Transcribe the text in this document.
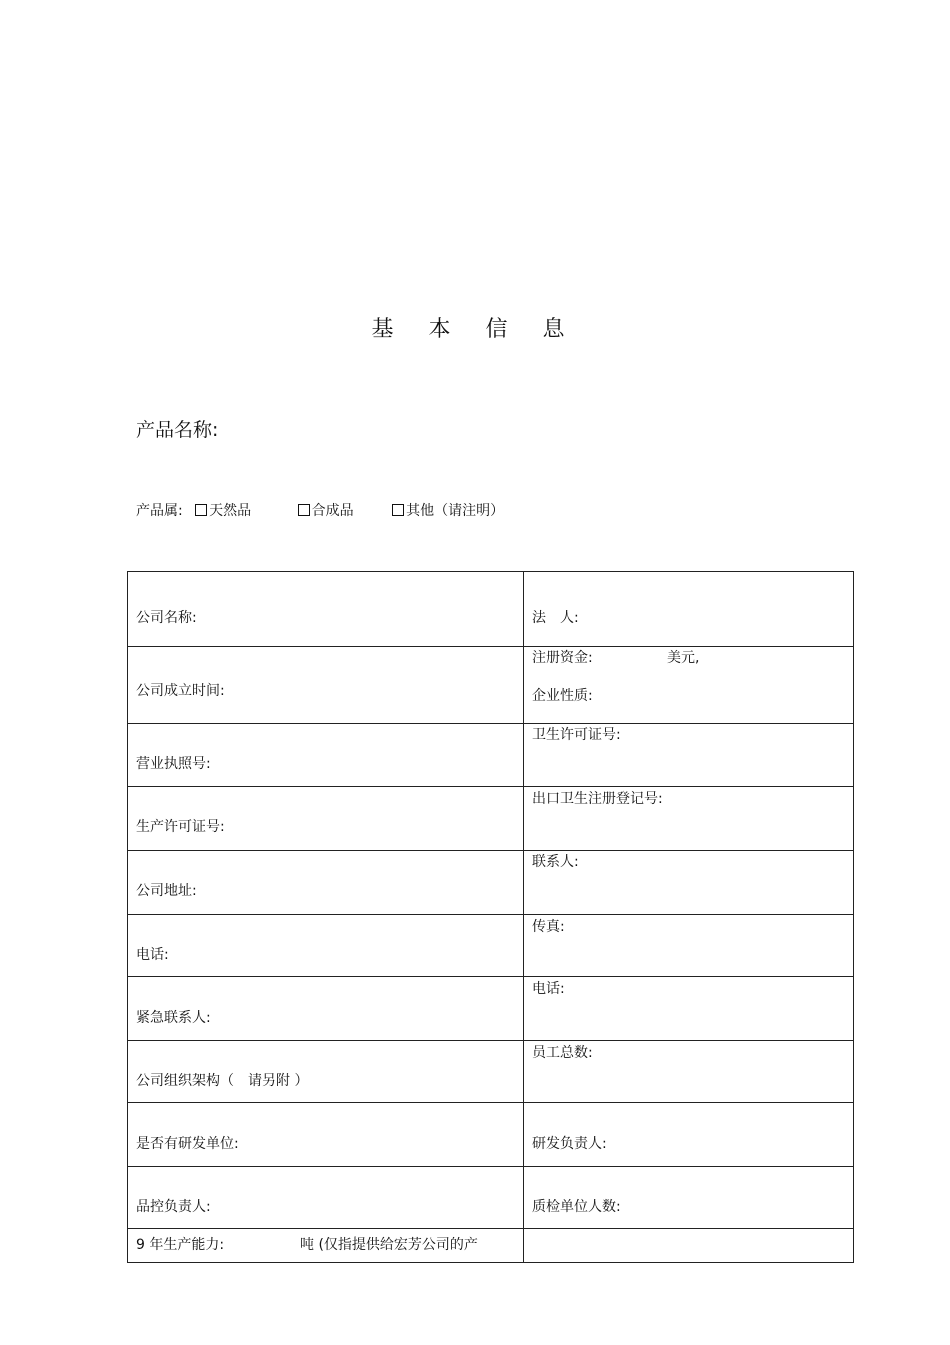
基 本 信 息
产品名称:
产品属: 天然品	合成品	其他（请注明）
公司名称:	法　人:

公司成立时间:	注册资金: 美元,
企业性质:

营业执照号:	卫生许可证号:

生产许可证号:	出口卫生注册登记号:

公司地址:	联系人:

电话:	传真:

紧急联系人:	电话:

公司组织架构（　请另附 ）	员工总数:

是否有研发单位:	研发负责人:

品控负责人:	质检单位人数:

9 年生产能力: 吨 (仅指提供给宏芳公司的产	
